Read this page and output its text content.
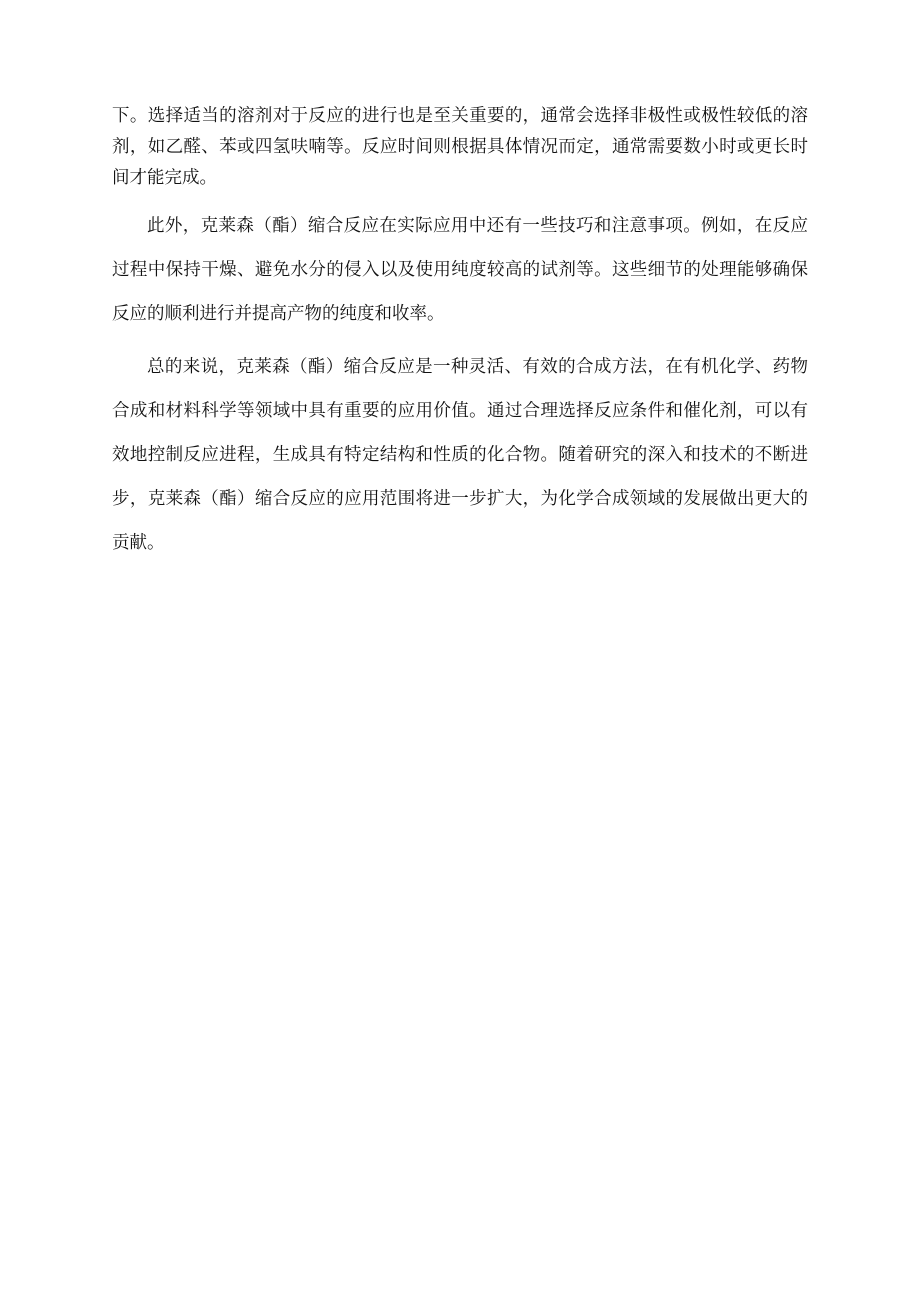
下。选择适当的溶剂对于反应的进行也是至关重要的，通常会选择非极性或极性较低的溶剂，如乙醛、苯或四氢呋喃等。反应时间则根据具体情况而定，通常需要数小时或更长时间才能完成。

此外，克莱森（酯）缩合反应在实际应用中还有一些技巧和注意事项。例如，在反应过程中保持干燥、避免水分的侵入以及使用纯度较高的试剂等。这些细节的处理能够确保反应的顺利进行并提高产物的纯度和收率。

总的来说，克莱森（酯）缩合反应是一种灵活、有效的合成方法，在有机化学、药物合成和材料科学等领域中具有重要的应用价值。通过合理选择反应条件和催化剂，可以有效地控制反应进程，生成具有特定结构和性质的化合物。随着研究的深入和技术的不断进步，克莱森（酯）缩合反应的应用范围将进一步扩大，为化学合成领域的发展做出更大的贡献。
